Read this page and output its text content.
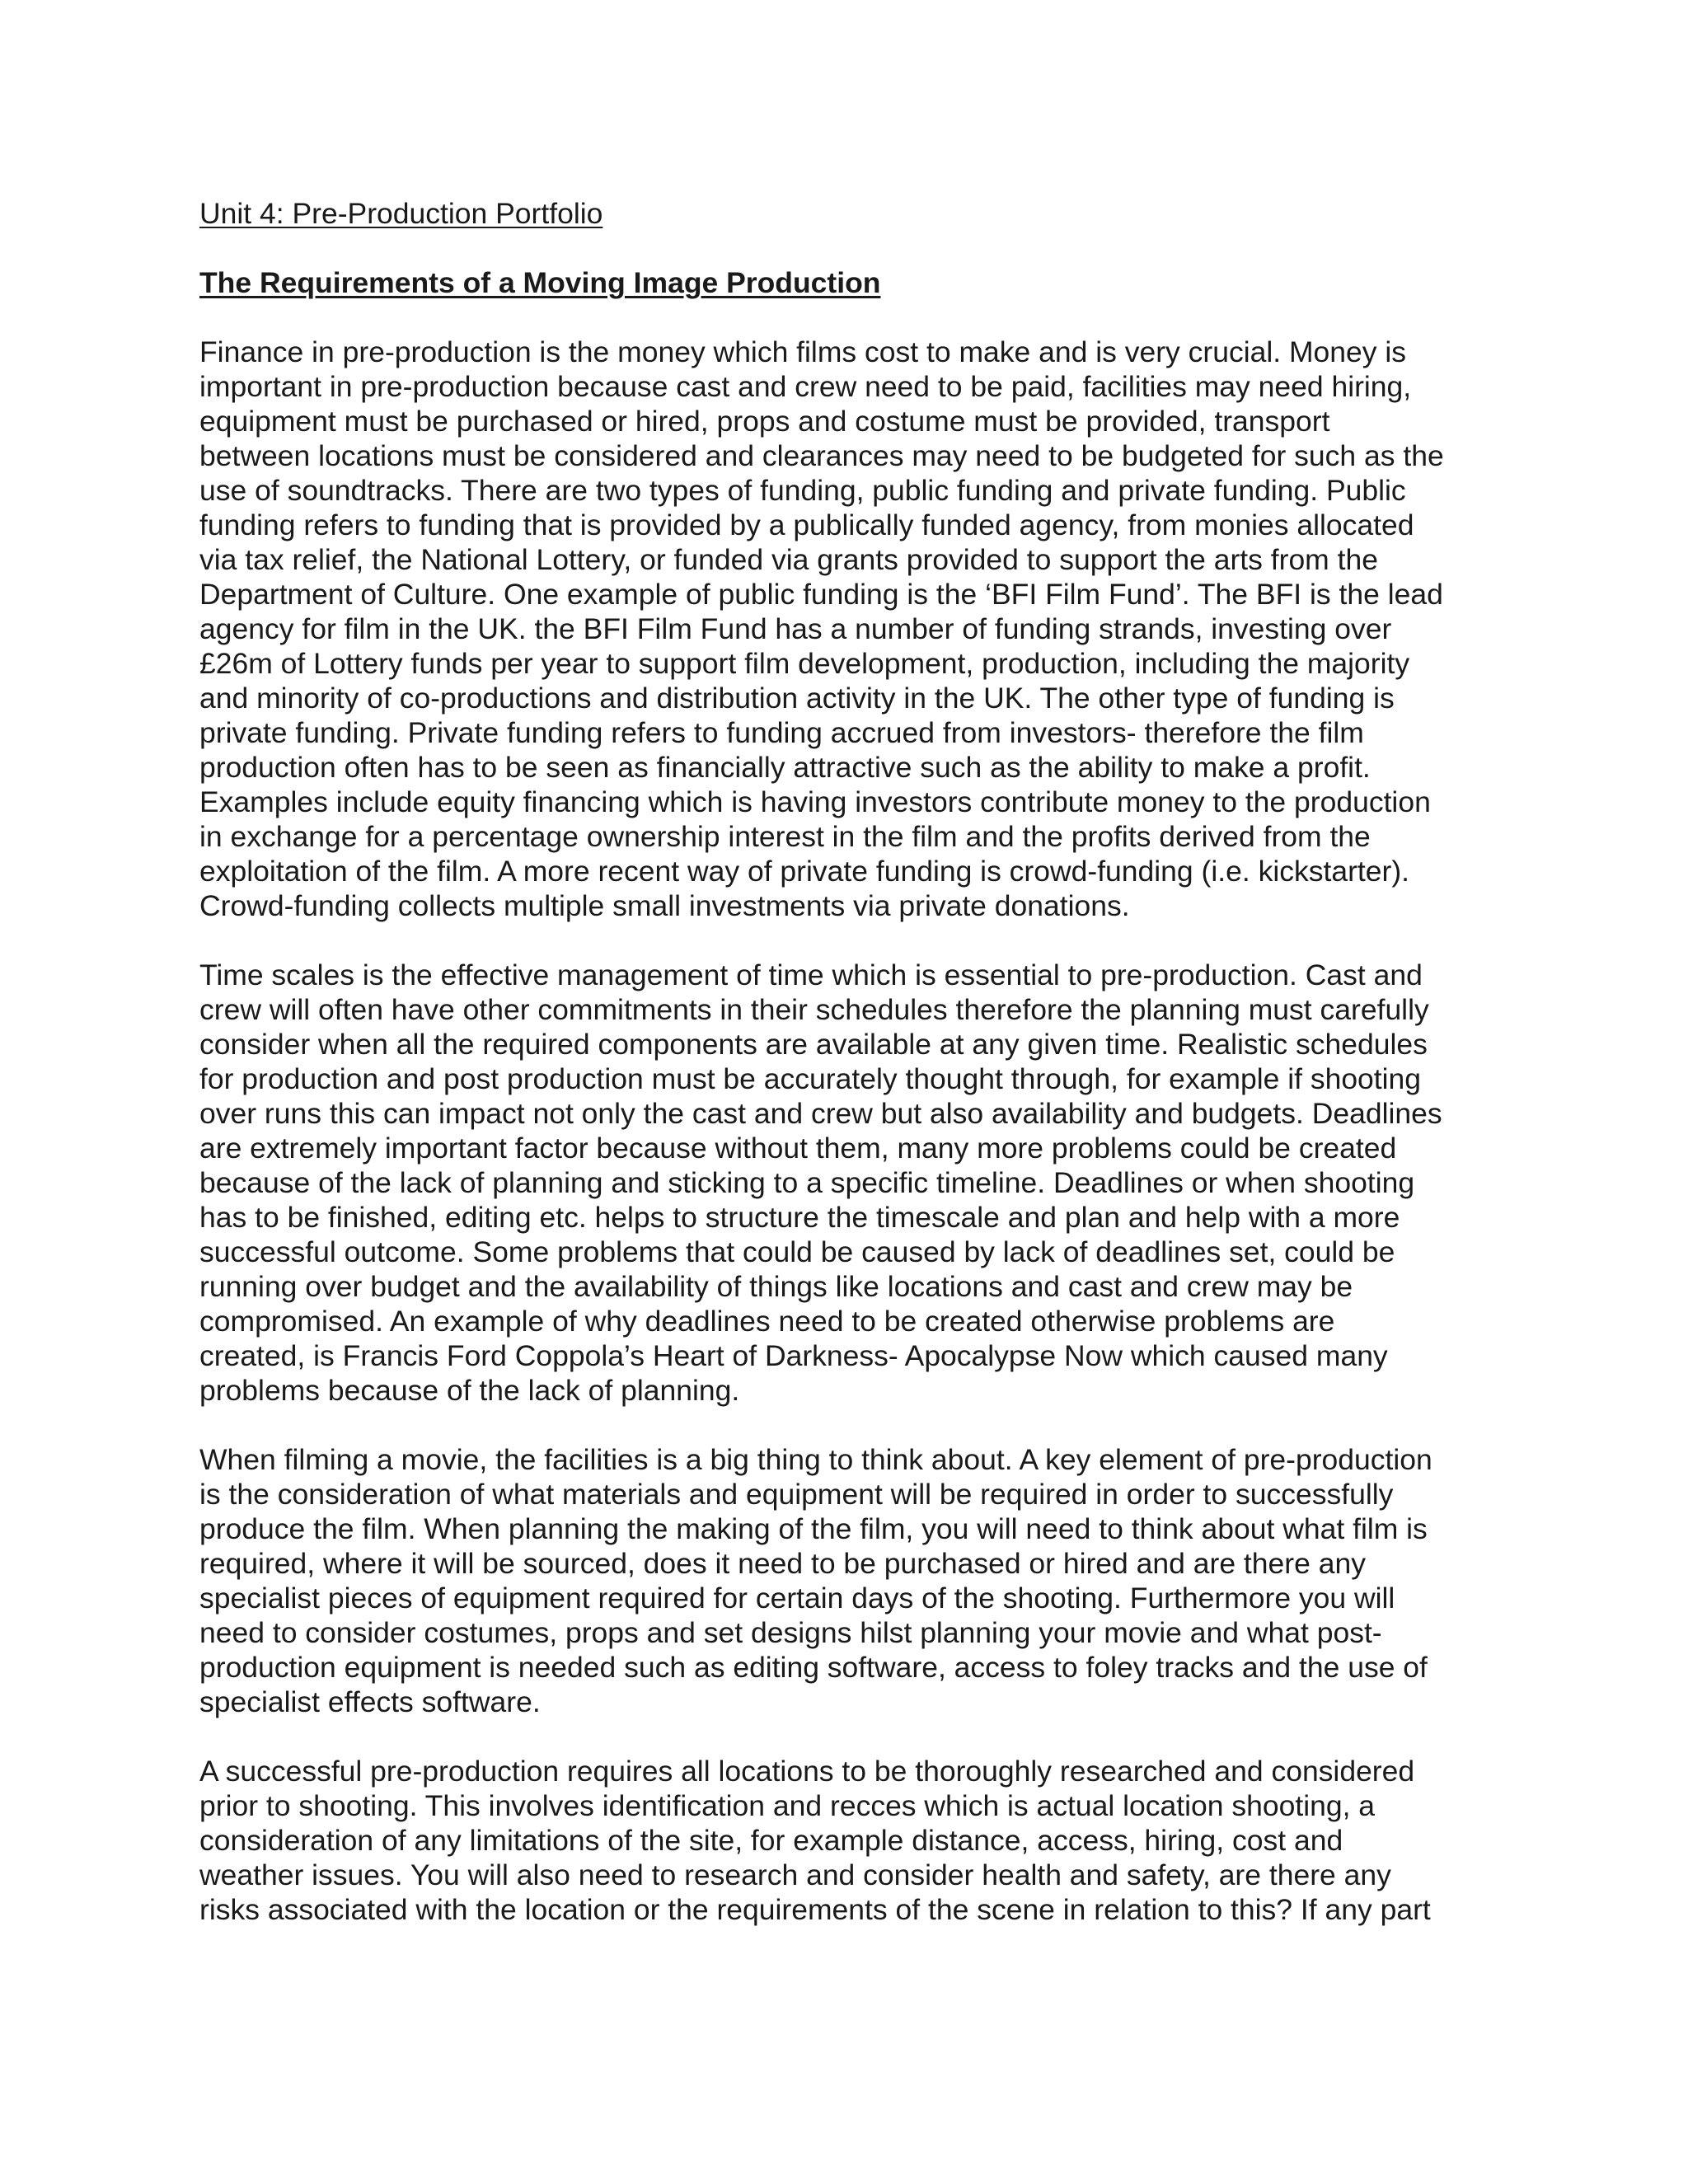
Unit 4: Pre-Production Portfolio
The Requirements of a Moving Image Production

Finance in pre-production is the money which films cost to make and is very crucial. Money is
important in pre-production because cast and crew need to be paid, facilities may need hiring,
equipment must be purchased or hired, props and costume must be provided, transport
between locations must be considered and clearances may need to be budgeted for such as the
use of soundtracks. There are two types of funding, public funding and private funding. Public
funding refers to funding that is provided by a publically funded agency, from monies allocated
via tax relief, the National Lottery, or funded via grants provided to support the arts from the
Department of Culture. One example of public funding is the ‘BFI Film Fund’. The BFI is the lead
agency for film in the UK. the BFI Film Fund has a number of funding strands, investing over
£26m of Lottery funds per year to support film development, production, including the majority
and minority of co-productions and distribution activity in the UK. The other type of funding is
private funding. Private funding refers to funding accrued from investors- therefore the film
production often has to be seen as financially attractive such as the ability to make a profit.
Examples include equity financing which is having investors contribute money to the production
in exchange for a percentage ownership interest in the film and the profits derived from the
exploitation of the film. A more recent way of private funding is crowd-funding (i.e. kickstarter).
Crowd-funding collects multiple small investments via private donations.

Time scales is the effective management of time which is essential to pre-production. Cast and
crew will often have other commitments in their schedules therefore the planning must carefully
consider when all the required components are available at any given time. Realistic schedules
for production and post production must be accurately thought through, for example if shooting
over runs this can impact not only the cast and crew but also availability and budgets. Deadlines
are extremely important factor because without them, many more problems could be created
because of the lack of planning and sticking to a specific timeline. Deadlines or when shooting
has to be finished, editing etc. helps to structure the timescale and plan and help with a more
successful outcome. Some problems that could be caused by lack of deadlines set, could be
running over budget and the availability of things like locations and cast and crew may be
compromised. An example of why deadlines need to be created otherwise problems are
created, is Francis Ford Coppola’s Heart of Darkness- Apocalypse Now which caused many
problems because of the lack of planning.

When filming a movie, the facilities is a big thing to think about. A key element of pre-production
is the consideration of what materials and equipment will be required in order to successfully
produce the film. When planning the making of the film, you will need to think about what film is
required, where it will be sourced, does it need to be purchased or hired and are there any
specialist pieces of equipment required for certain days of the shooting. Furthermore you will
need to consider costumes, props and set designs hilst planning your movie and what post-
production equipment is needed such as editing software, access to foley tracks and the use of
specialist effects software.

A successful pre-production requires all locations to be thoroughly researched and considered
prior to shooting. This involves identification and recces which is actual location shooting, a
consideration of any limitations of the site, for example distance, access, hiring, cost and
weather issues. You will also need to research and consider health and safety, are there any
risks associated with the location or the requirements of the scene in relation to this? If any part
